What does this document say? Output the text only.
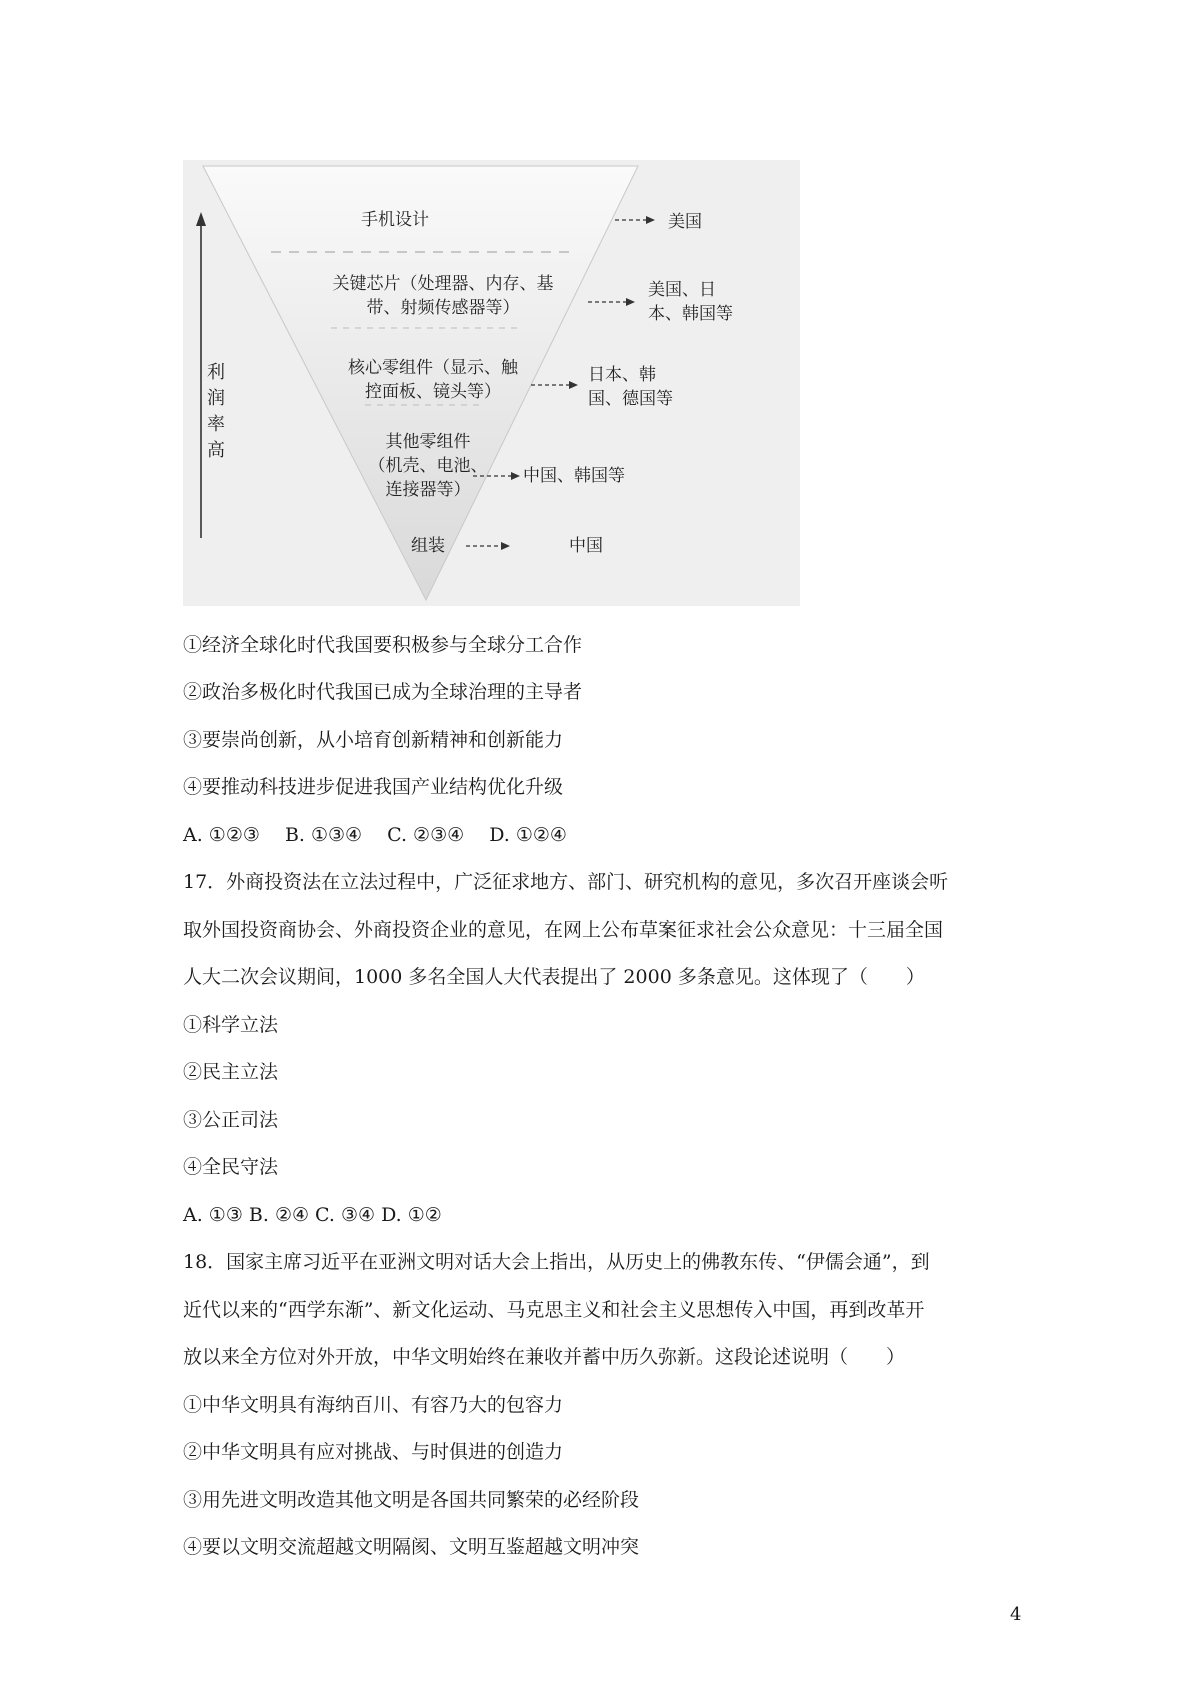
利润率高
手机设计
关键芯片（处理器、内存、基
带、射频传感器等）
核心零组件（显示、触
控面板、镜头等）
其他零组件
（机壳、电池、
连接器等）
组装
美国
美国、日
本、韩国等
日本、韩
国、德国等
中国、韩国等
中国
①经济全球化时代我国要积极参与全球分工合作
②政治多极化时代我国已成为全球治理的主导者
③要崇尚创新，从小培育创新精神和创新能力
④要推动科技进步促进我国产业结构优化升级
A. ①②③　 B. ①③④　 C. ②③④　 D. ①②④
17．外商投资法在立法过程中，广泛征求地方、部门、研究机构的意见，多次召开座谈会听
取外国投资商协会、外商投资企业的意见，在网上公布草案征求社会公众意见：十三届全国
人大二次会议期间，1000 多名全国人大代表提出了 2000 多条意见。这体现了（　　）
①科学立法
②民主立法
③公正司法
④全民守法
A. ①③ B. ②④ C. ③④ D. ①②
18．国家主席习近平在亚洲文明对话大会上指出，从历史上的佛教东传、“伊儒会通”，到
近代以来的“西学东渐”、新文化运动、马克思主义和社会主义思想传入中国，再到改革开
放以来全方位对外开放，中华文明始终在兼收并蓄中历久弥新。这段论述说明（　　）
①中华文明具有海纳百川、有容乃大的包容力
②中华文明具有应对挑战、与时俱进的创造力
③用先进文明改造其他文明是各国共同繁荣的必经阶段
④要以文明交流超越文明隔阂、文明互鉴超越文明冲突
4
